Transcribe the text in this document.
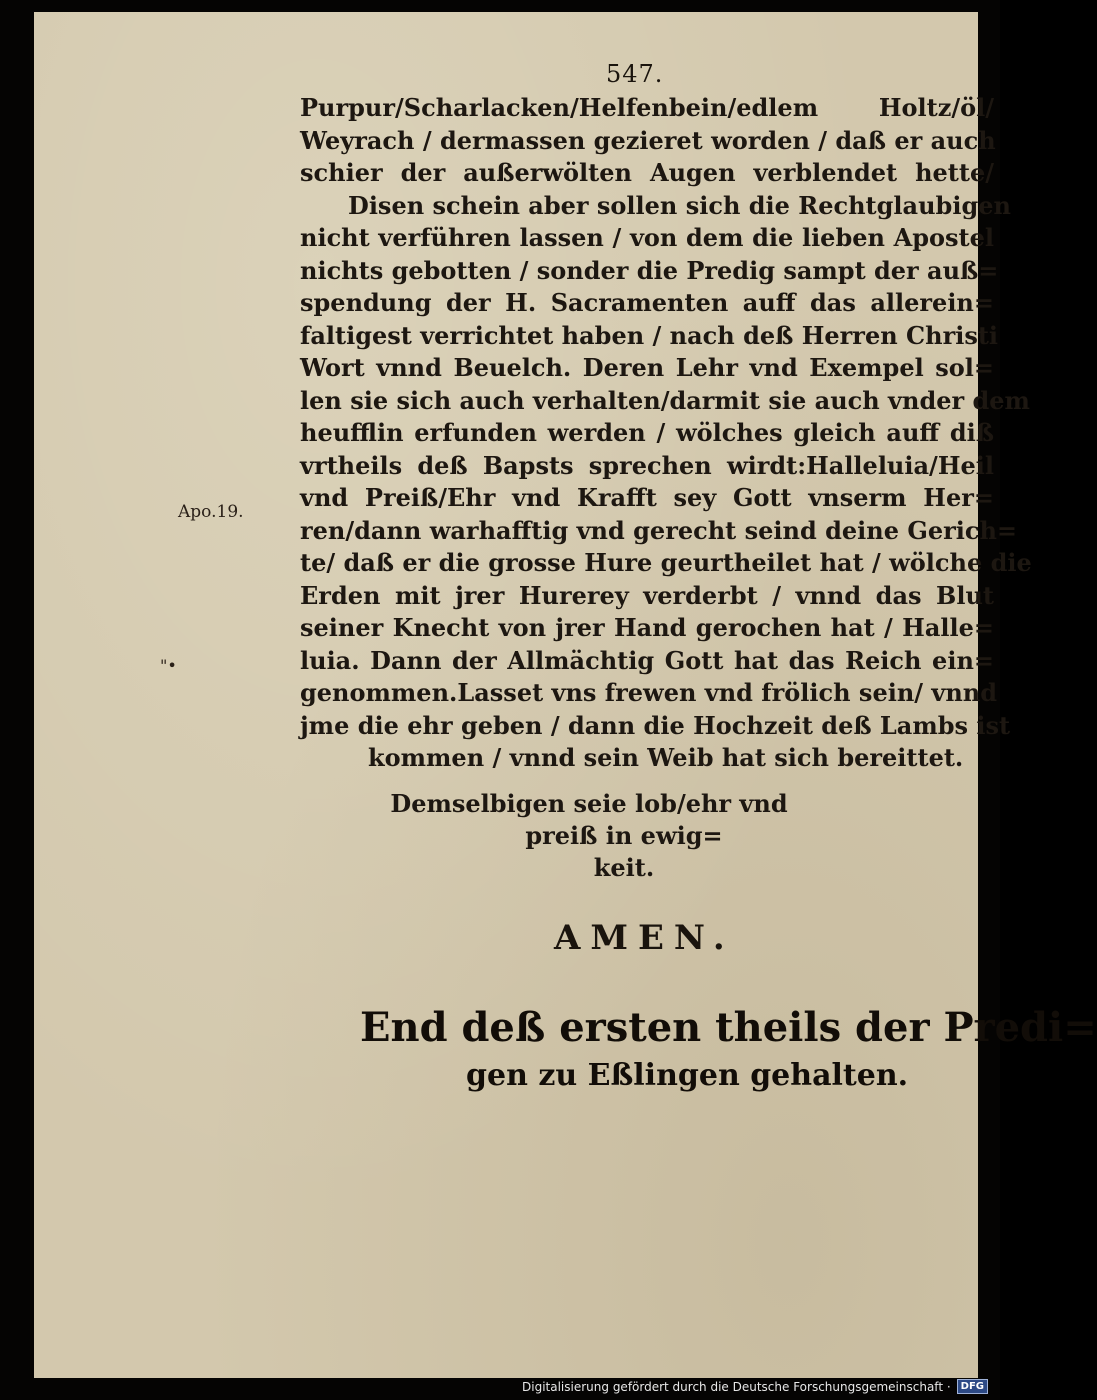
547.
Purpur/Scharlacken/Helfenbein/edlem Holtz/öl/
Weyrach / dermassen gezieret worden / daß er auch
schier der außerwölten Augen verblendet hette/
Disen schein aber sollen sich die Rechtglaubigen
nicht verführen lassen / von dem die lieben Apostel
nichts gebotten / sonder die Predig sampt der auß=
spendung der H. Sacramenten auff das allerein=
faltigest verrichtet haben / nach deß Herren Christi
Wort vnnd Beuelch. Deren Lehr vnd Exempel sol=
len sie sich auch verhalten/darmit sie auch vnder dem
heufflin erfunden werden / wölches gleich auff diß
vrtheils deß Bapsts sprechen wirdt:Halleluia/Heil
vnd Preiß/Ehr vnd Krafft sey Gott vnserm Her=
ren/dann warhafftig vnd gerecht seind deine Gerich=
te/ daß er die grosse Hure geurtheilet hat / wölche die
Erden mit jrer Hurerey verderbt / vnnd das Blut
seiner Knecht von jrer Hand gerochen hat / Halle=
luia. Dann der Allmächtig Gott hat das Reich ein=
genommen.Lasset vns frewen vnd frölich sein/ vnnd
jme die ehr geben / dann die Hochzeit deß Lambs ist
kommen / vnnd sein Weib hat sich bereittet.
Apo.19.
"•
Demselbigen seie lob/ehr vnd
preiß in ewig=
keit.
AMEN.
End deß ersten theils der Predi=
gen zu Eßlingen gehalten.
Digitalisierung gefördert durch die Deutsche Forschungsgemeinschaft ·	DFG
